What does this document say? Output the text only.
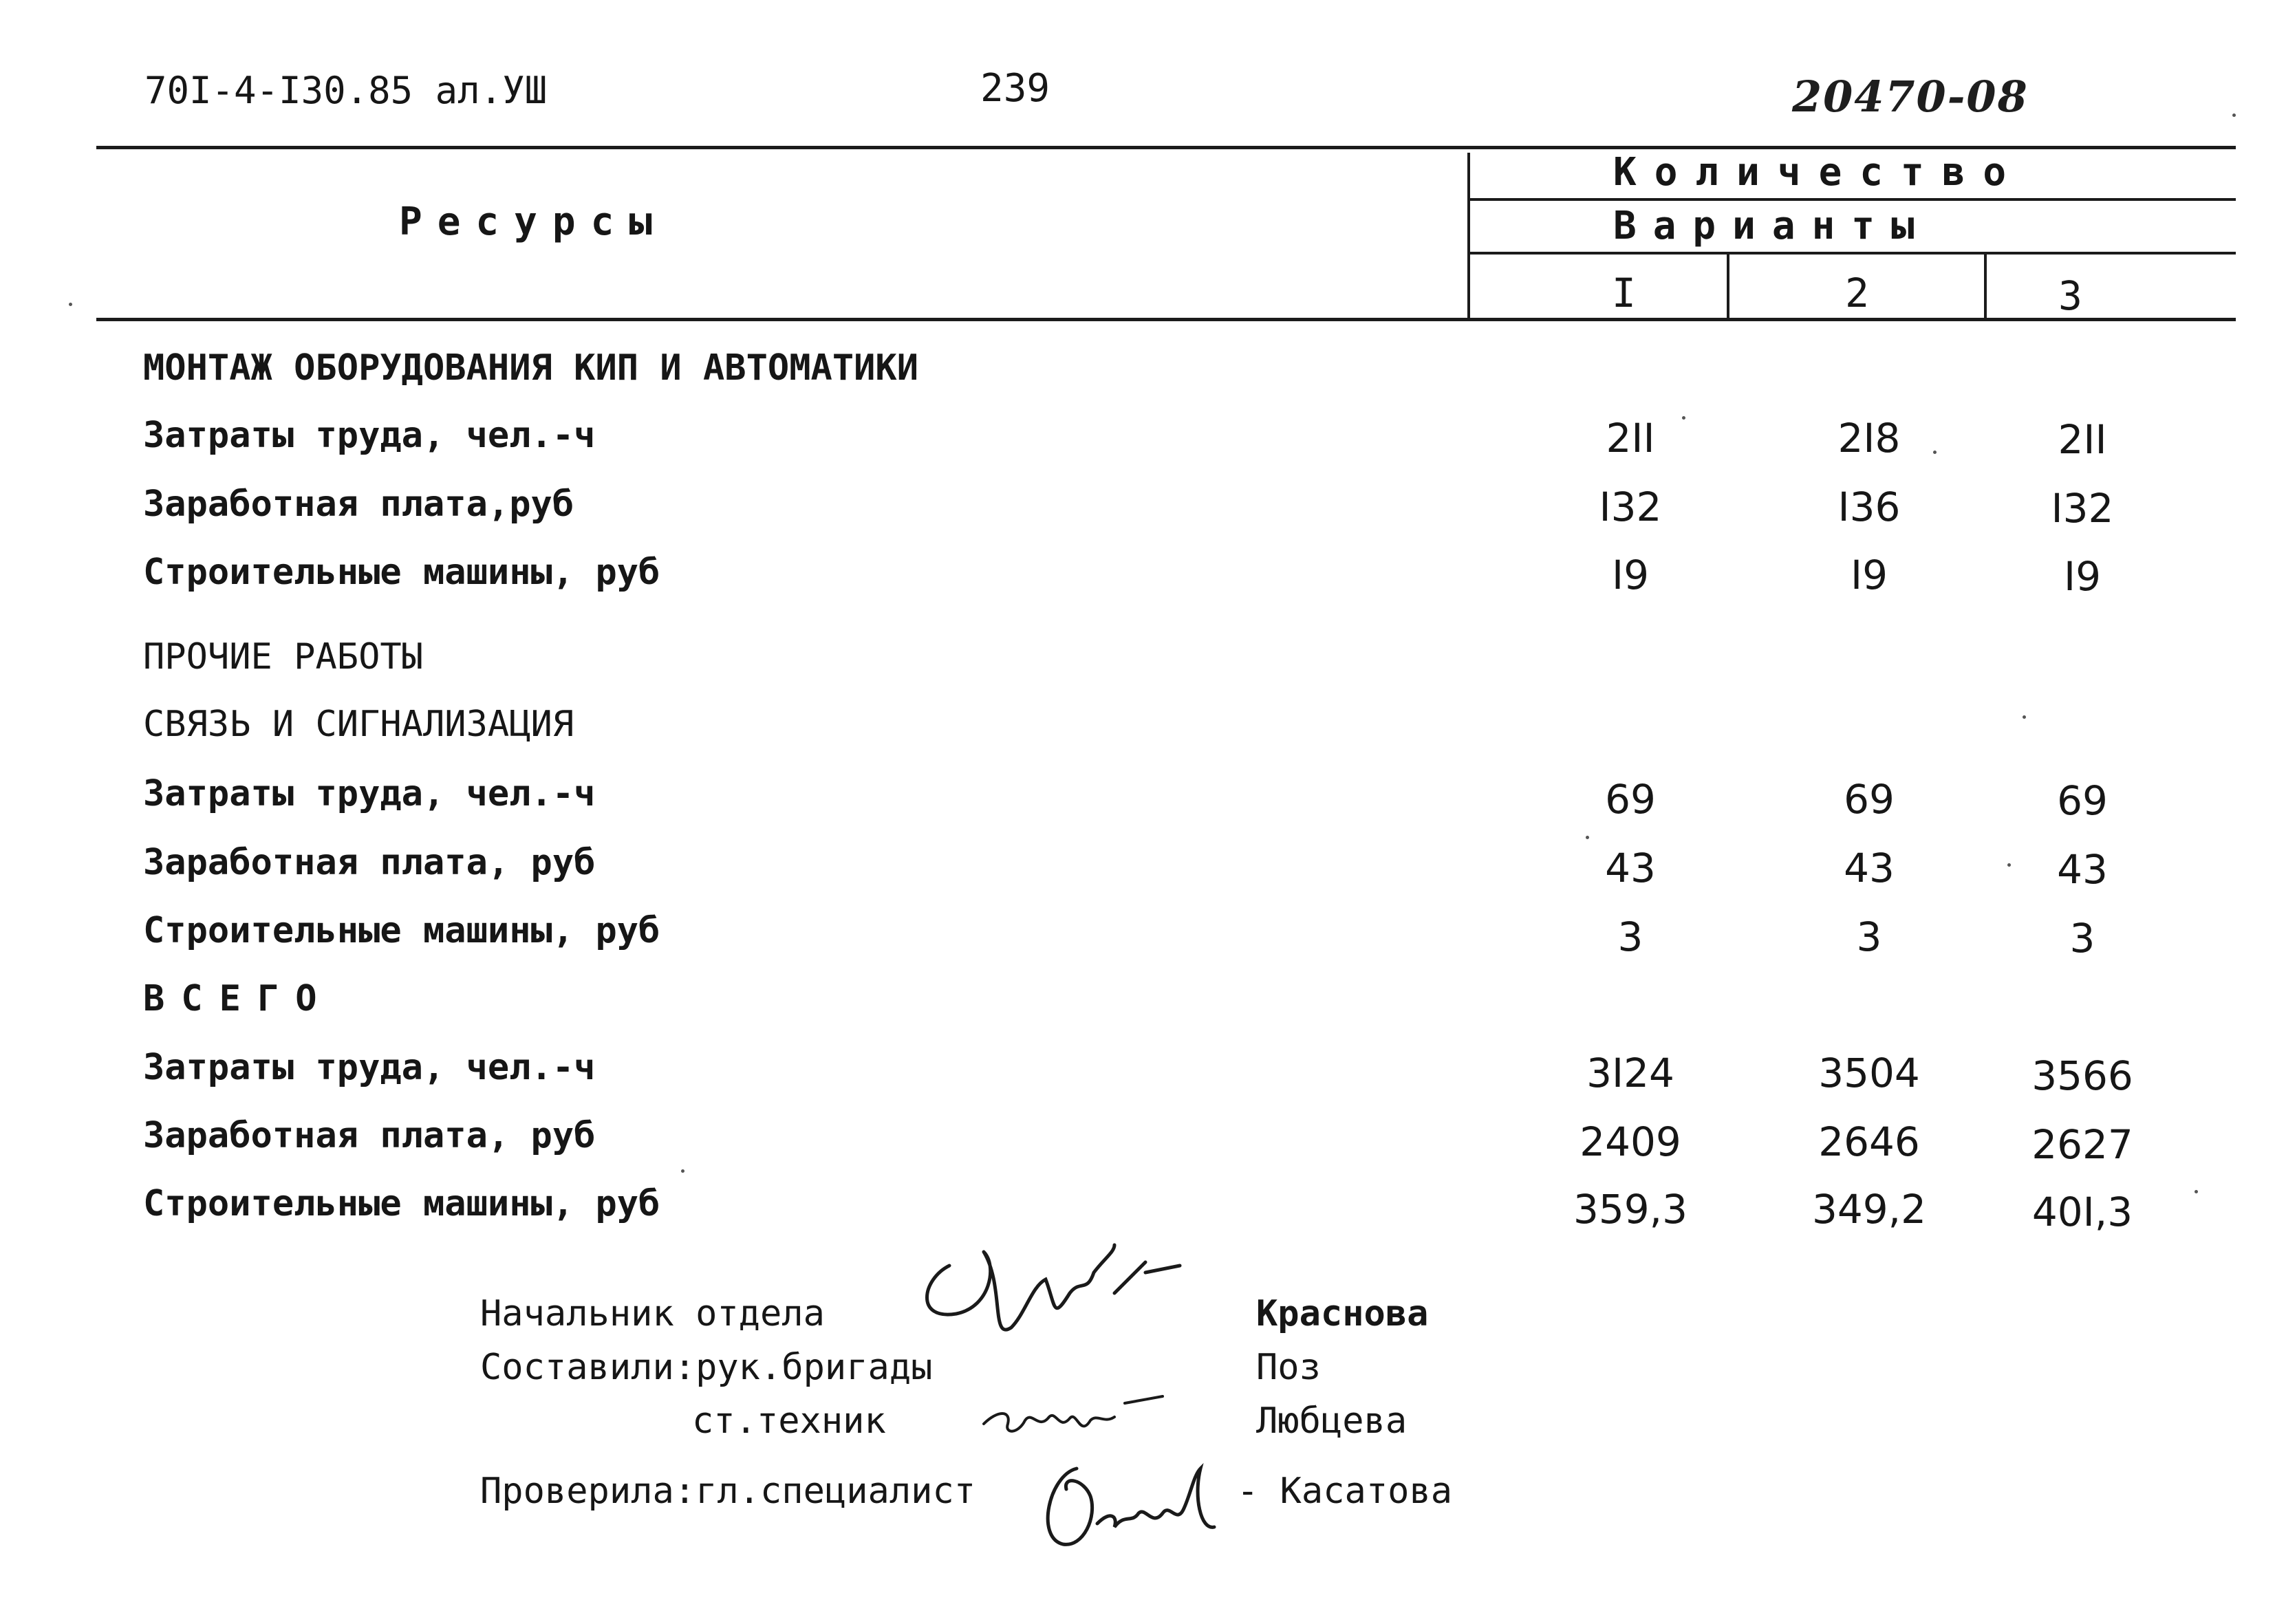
70I-4-I30.85 ал.УШ	239	20470-08
Ресурсы
Количество
Варианты
I	2	3
МОНТАЖ ОБОРУДОВАНИЯ КИП И АВТОМАТИКИ
Затраты труда, чел.-ч	2II	2I8	2II
Заработная плата,руб	I32	I36	I32
Строительные машины, руб	I9	I9	I9
ПРОЧИЕ РАБОТЫ
СВЯЗЬ И СИГНАЛИЗАЦИЯ
Затраты труда, чел.-ч	69	69	69
Заработная плата, руб	43	43	43
Строительные машины, руб	3	3	3
ВСЕГО
Затраты труда, чел.-ч	3I24	3504	3566
Заработная плата, руб	2409	2646	2627
Строительные машины, руб	359,3	349,2	40I,3
Начальник отдела	Краснова
Составили:рук.бригады	Поз
ст.техник	Любцева
Проверила:гл.специалист	- Касатова
